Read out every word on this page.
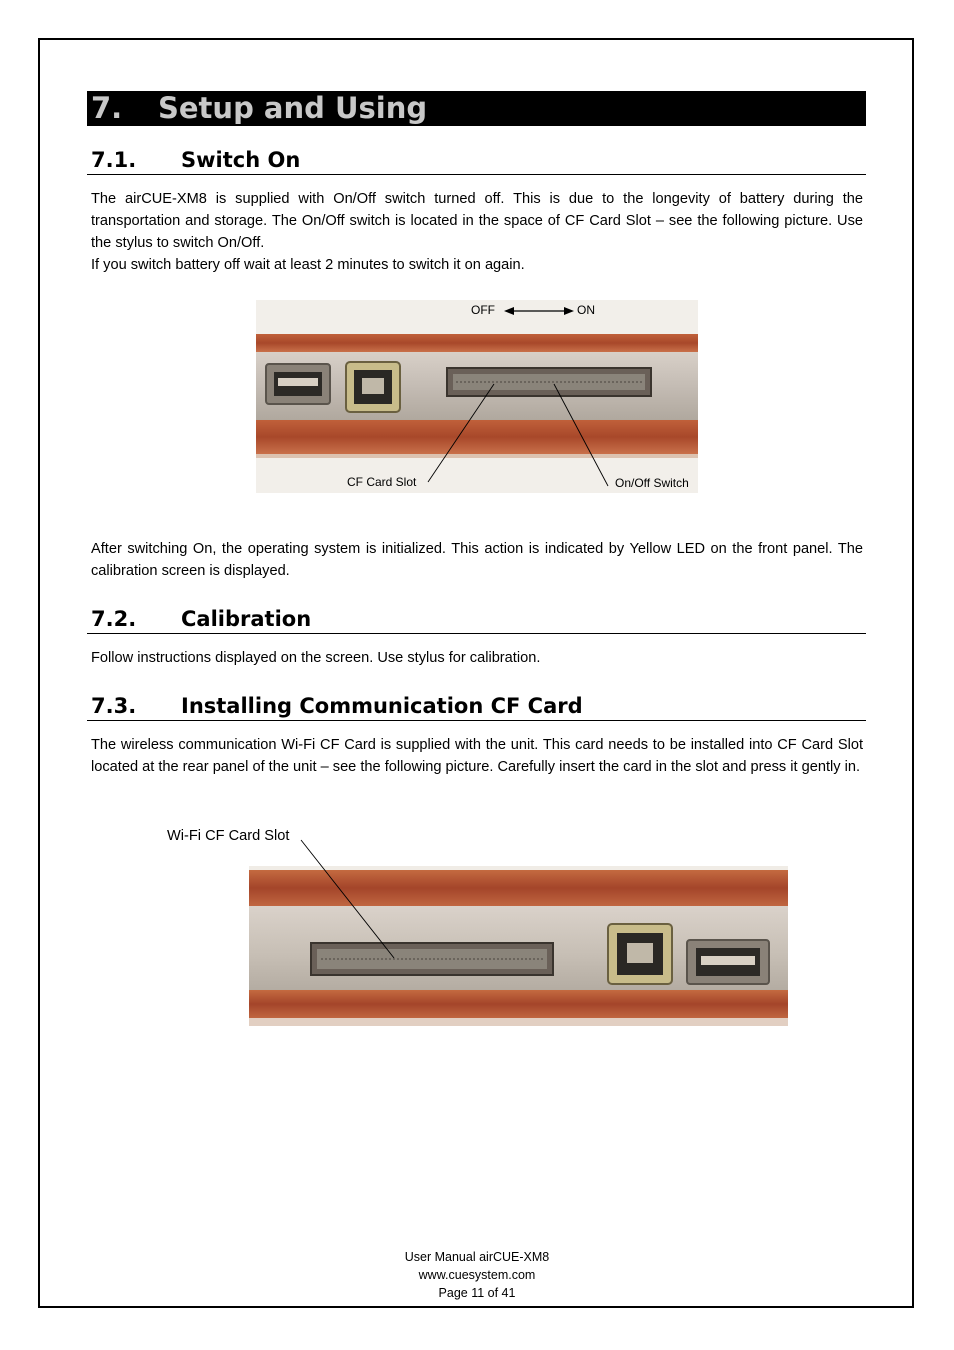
7. Setup and Using
7.1. Switch On

The airCUE-XM8 is supplied with On/Off switch turned off. This is due to the longevity of battery during the transportation and storage. The On/Off switch is located in the space of CF Card Slot – see the following picture. Use the stylus to switch On/Off.

If you switch battery off wait at least 2 minutes to switch it on again.

OFF	ON
CF Card Slot	On/Off Switch

After switching On, the operating system is initialized. This action is indicated by Yellow LED on the front panel. The calibration screen is displayed.

7.2. Calibration

Follow instructions displayed on the screen. Use stylus for calibration.

7.3. Installing Communication CF Card

The wireless communication Wi-Fi CF Card is supplied with the unit. This card needs to be installed into CF Card Slot located at the rear panel of the unit – see the following picture. Carefully insert the card in the slot and press it gently in.

Wi-Fi CF Card Slot
User Manual airCUE-XM8
www.cuesystem.com
Page 11 of 41
